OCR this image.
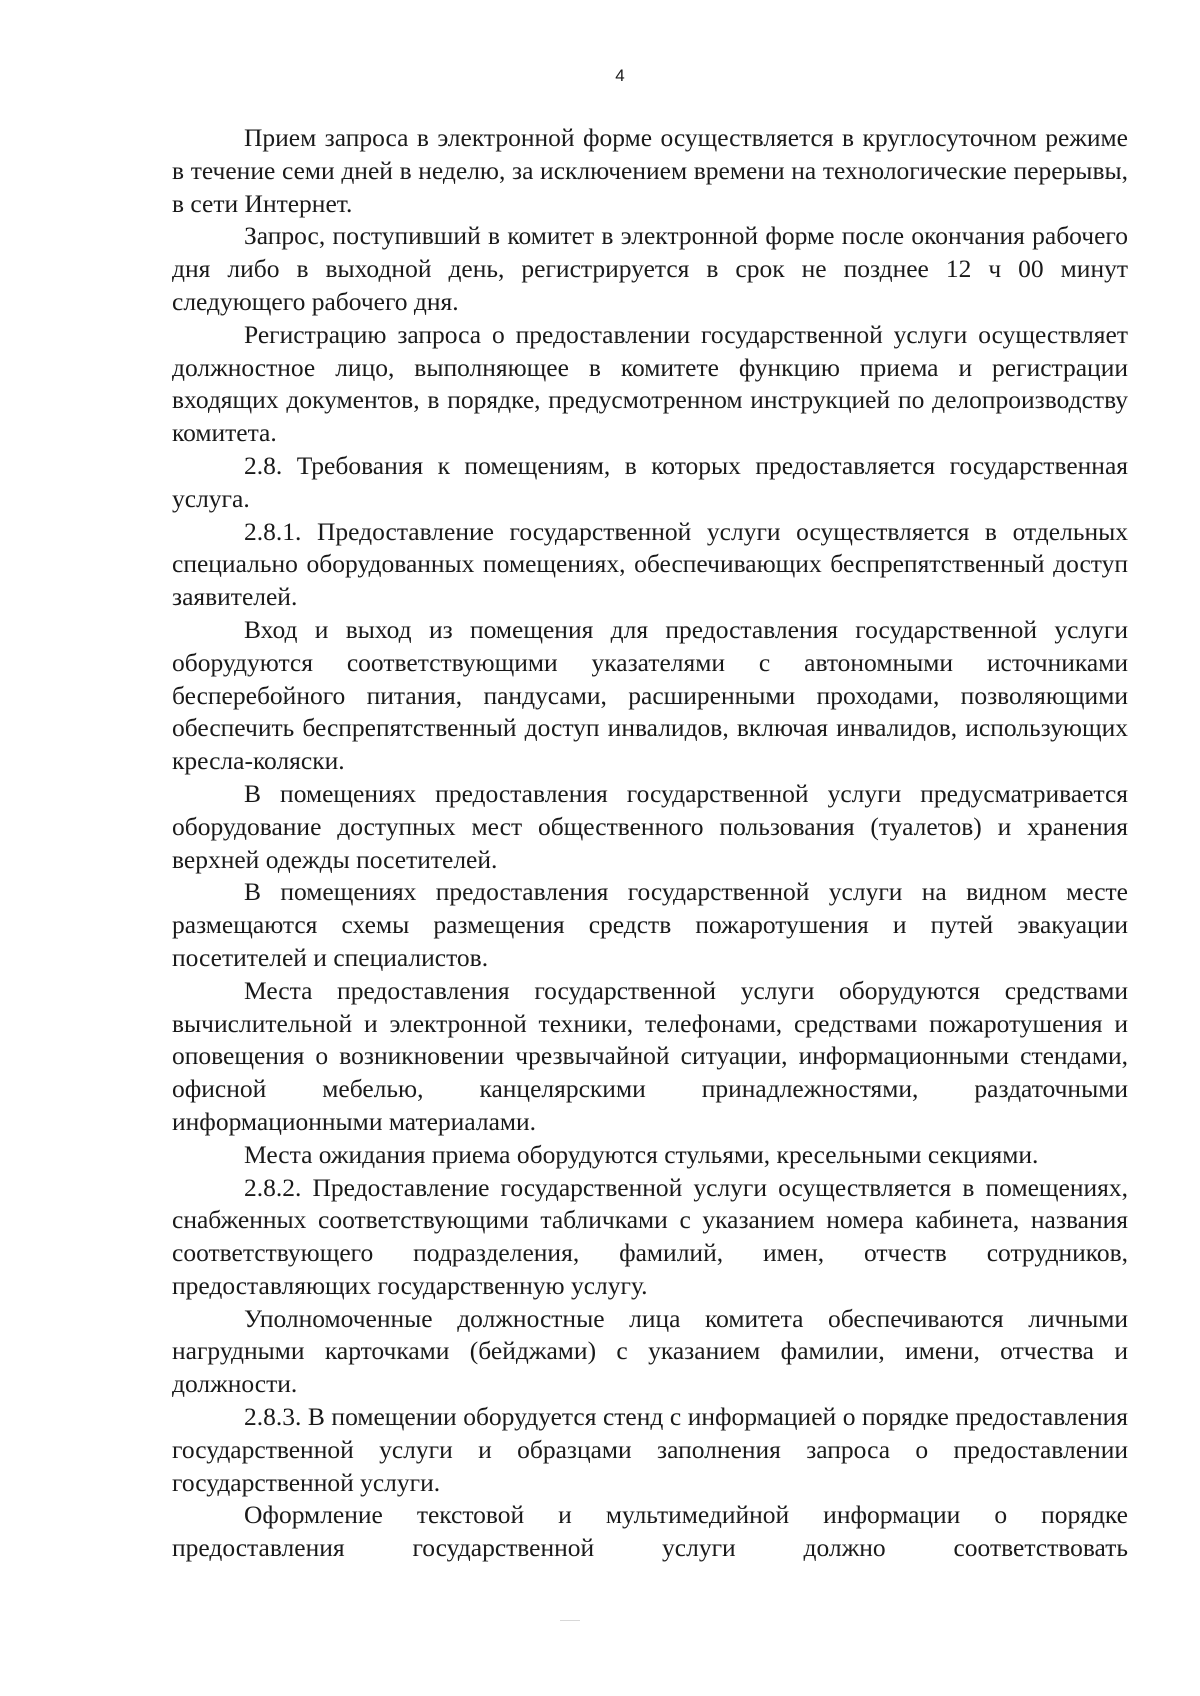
4

Прием запроса в электронной форме осуществляется в круглосуточном режиме в течение семи дней в неделю, за исключением времени на технологические перерывы, в сети Интернет.

Запрос, поступивший в комитет в электронной форме после окончания рабочего дня либо в выходной день, регистрируется в срок не позднее 12 ч 00 минут следующего рабочего дня.

Регистрацию запроса о предоставлении государственной услуги осуществляет должностное лицо, выполняющее в комитете функцию приема и регистрации входящих документов, в порядке, предусмотренном инструкцией по делопроизводству комитета.

2.8. Требования к помещениям, в которых предоставляется государственная услуга.

2.8.1. Предоставление государственной услуги осуществляется в отдельных специально оборудованных помещениях, обеспечивающих беспрепятственный доступ заявителей.

Вход и выход из помещения для предоставления государственной услуги оборудуются соответствующими указателями с автономными источниками бесперебойного питания, пандусами, расширенными проходами, позволяющими обеспечить беспрепятственный доступ инвалидов, включая инвалидов, использующих кресла-коляски.

В помещениях предоставления государственной услуги предусматривается оборудование доступных мест общественного пользования (туалетов) и хранения верхней одежды посетителей.

В помещениях предоставления государственной услуги на видном месте размещаются схемы размещения средств пожаротушения и путей эвакуации посетителей и специалистов.

Места предоставления государственной услуги оборудуются средствами вычислительной и электронной техники, телефонами, средствами пожаротушения и оповещения о возникновении чрезвычайной ситуации, информационными стендами, офисной мебелью, канцелярскими принадлежностями, раздаточными информационными материалами.

Места ожидания приема оборудуются стульями, кресельными секциями.

2.8.2. Предоставление государственной услуги осуществляется в помещениях, снабженных соответствующими табличками с указанием номера кабинета, названия соответствующего подразделения, фамилий, имен, отчеств сотрудников, предоставляющих государственную услугу.

Уполномоченные должностные лица комитета обеспечиваются личными нагрудными карточками (бейджами) с указанием фамилии, имени, отчества и должности.

2.8.3. В помещении оборудуется стенд с информацией о порядке предоставления государственной услуги и образцами заполнения запроса о предоставлении государственной услуги.

Оформление текстовой и мультимедийной информации о порядке предоставления государственной услуги должно соответствовать
